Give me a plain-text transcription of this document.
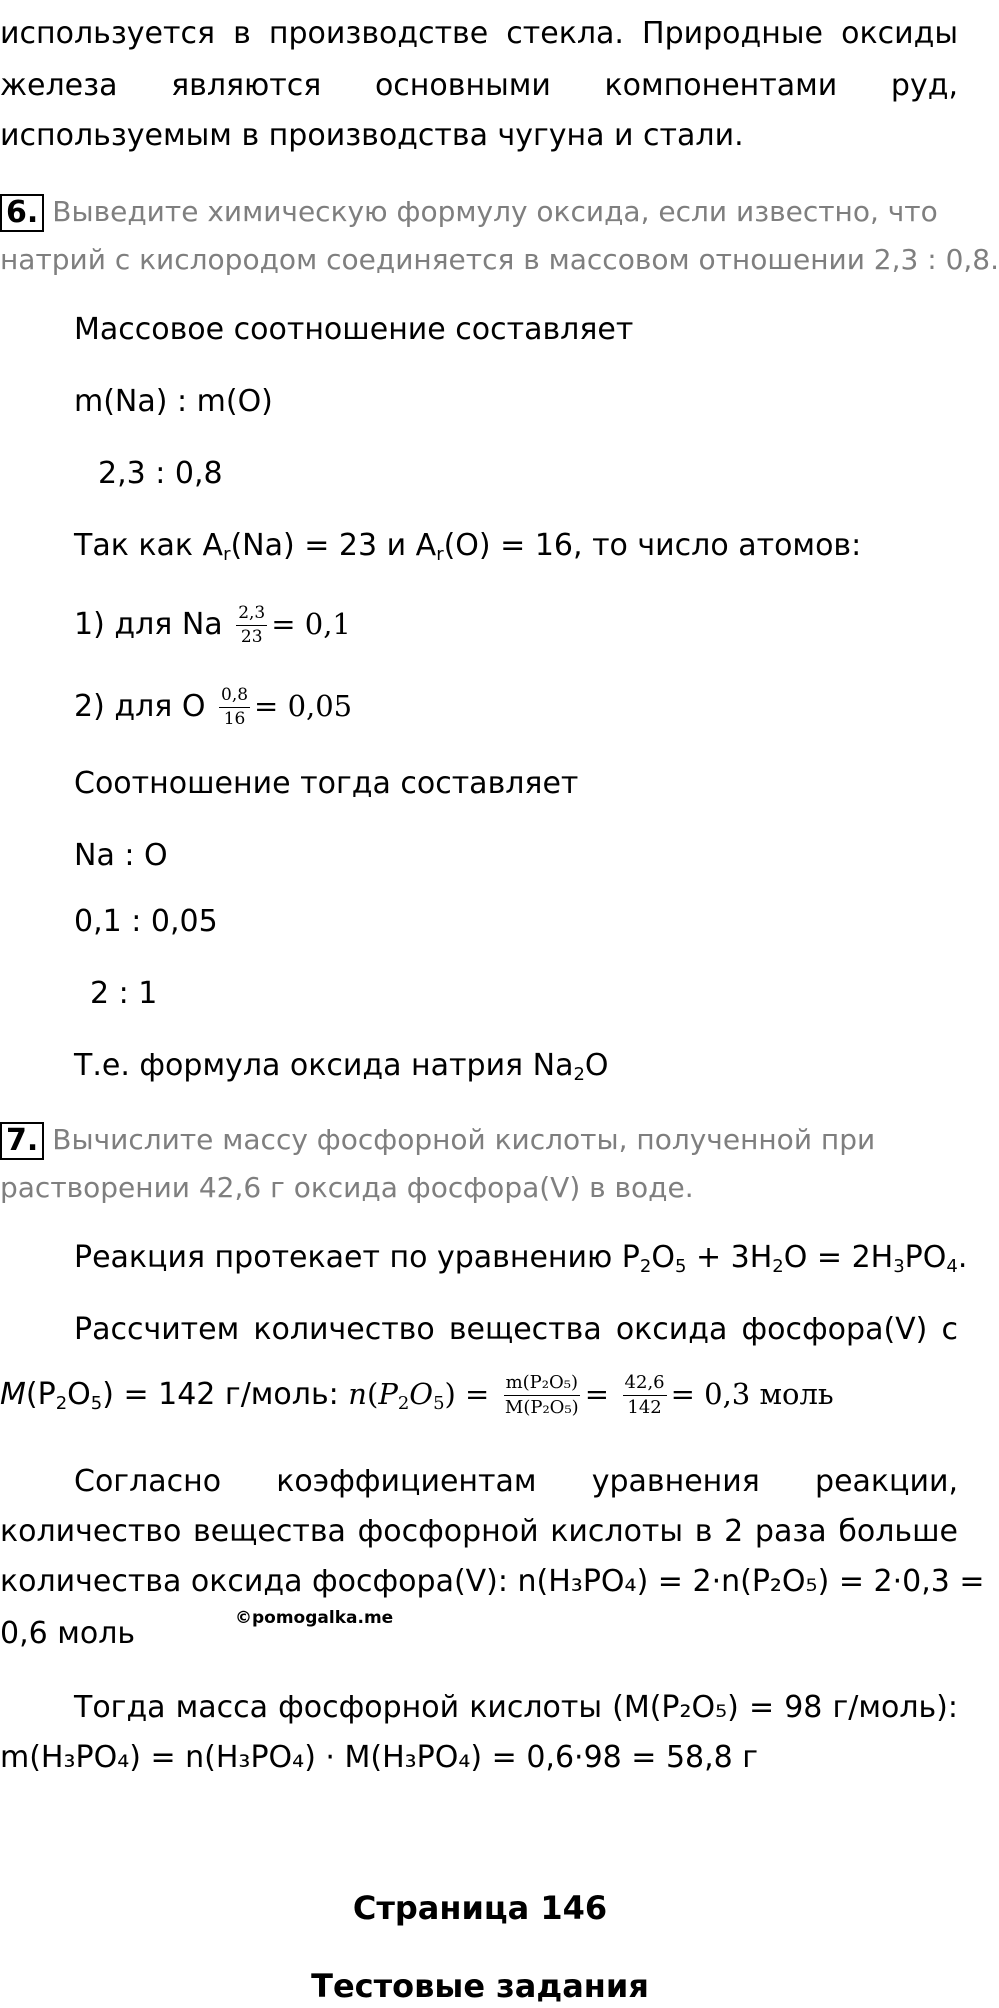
используется в производстве стекла. Природные оксиды
железа являются основными компонентами руд,
используемым в производства чугуна и стали.
6. Выведите химическую формулу оксида, если известно, что
натрий с кислородом соединяется в массовом отношении 2,3 : 0,8.
Массовое соотношение составляет
m(Na) : m(O)
2,3 : 0,8
Так как $A_r(Na) = 23$ и $A_r(O) = 16$, то число атомов:
1) для Na $\frac{2,3}{23} = 0,1$
2) для O $\frac{0,8}{16} = 0,05$
Соотношение тогда составляет
Na : O
0,1 : 0,05
2 : 1
Т.е. формула оксида натрия $Na_2O$
7. Вычислите массу фосфорной кислоты, полученной при
растворении 42,6 г оксида фосфора(V) в воде.
Реакция протекает по уравнению $P_2O_5 + 3H_2O = 2H_3PO_4$.
Рассчитем количество вещества оксида фосфора(V) с
$M(P_2O_5) = 142$ г/моль: $n(P_2O_5) = \frac{\text{m(P₂O₅)}}{\text{M(P₂O₅)}} = \frac{42,6}{142} = 0,3$ моль
Согласно коэффициентам уравнения реакции,
количество вещества фосфорной кислоты в 2 раза больше
количества оксида фосфора(V): n(H₃PO₄) = 2·n(P₂O₅) = 2·0,3 =
0,6 моль	©pomogalka.me
Тогда масса фосфорной кислоты (M(P₂O₅) = 98 г/моль):
m(H₃PO₄) = n(H₃PO₄) · M(H₃PO₄) = 0,6·98 = 58,8 г
Страница 146
Тестовые задания
